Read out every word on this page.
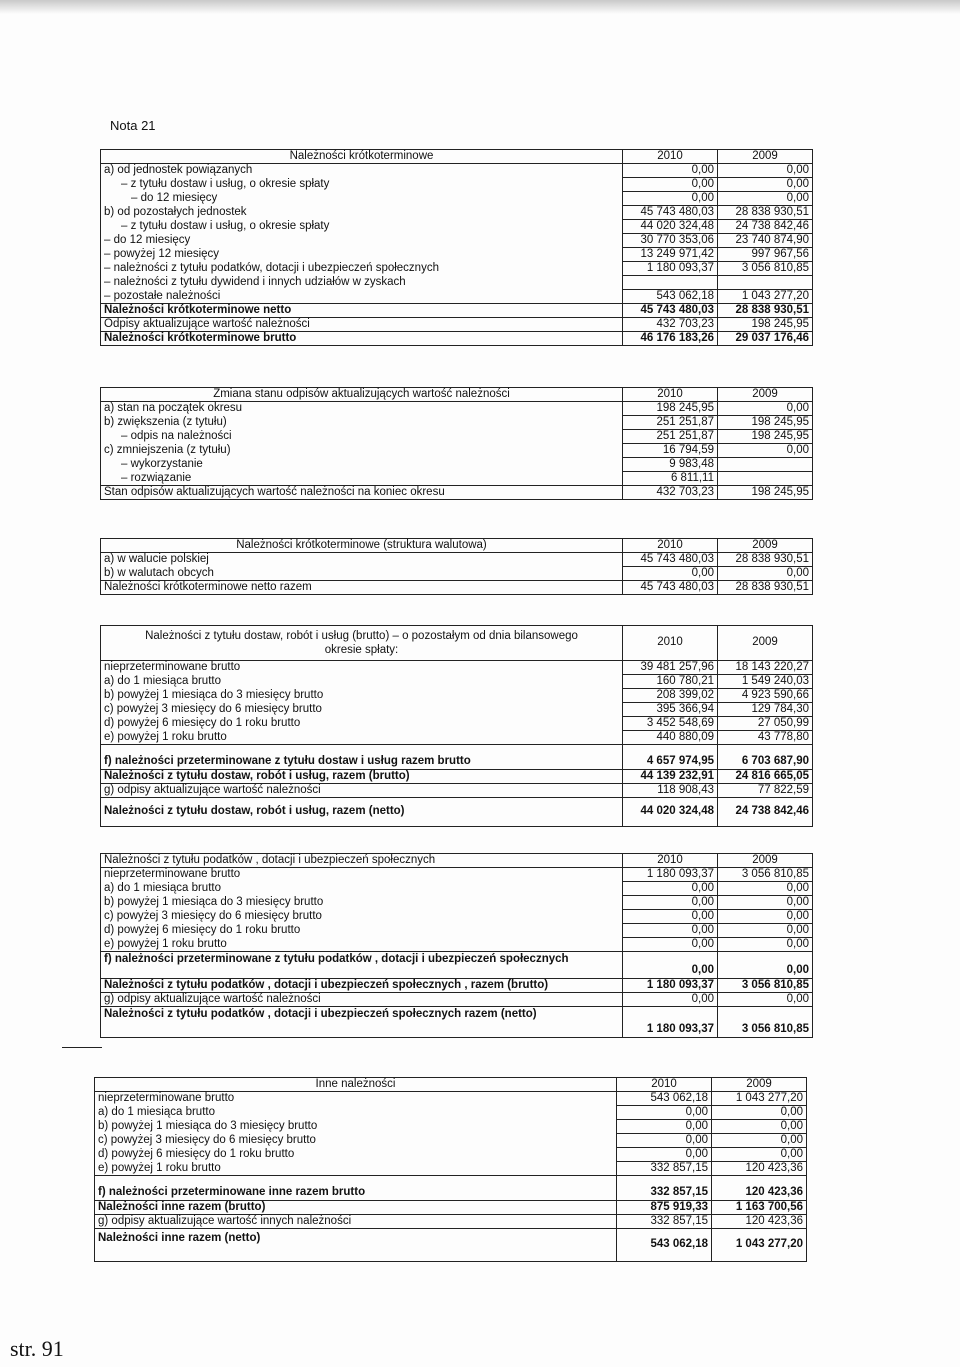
Nota 21
Należności krótkoterminowe	2010	2009
a) od jednostek powiązanych	0,00	0,00
– z tytułu dostaw i usług, o okresie spłaty	0,00	0,00
– do 12 miesięcy	0,00	0,00
b) od pozostałych jednostek	45 743 480,03	28 838 930,51
– z tytułu dostaw i usług, o okresie spłaty	44 020 324,48	24 738 842,46
– do 12 miesięcy	30 770 353,06	23 740 874,90
– powyżej 12 miesięcy	13 249 971,42	997 967,56
– należności z tytułu podatków, dotacji i ubezpieczeń społecznych	1 180 093,37	3 056 810,85
– należności z tytułu dywidend i innych udziałów w zyskach		
– pozostałe należności	543 062,18	1 043 277,20
Należności krótkoterminowe netto	45 743 480,03	28 838 930,51
Odpisy aktualizujące wartość należności	432 703,23	198 245,95
Należności krótkoterminowe brutto	46 176 183,26	29 037 176,46
Zmiana stanu odpisów aktualizujących wartość należności	2010	2009
a) stan na początek okresu	198 245,95	0,00
b) zwiększenia (z tytułu)	251 251,87	198 245,95
– odpis na należności	251 251,87	198 245,95
c) zmniejszenia (z tytułu)	16 794,59	0,00
– wykorzystanie	9 983,48	
– rozwiązanie	6 811,11	
Stan odpisów aktualizujących wartość należności na koniec okresu	432 703,23	198 245,95
Należności krótkoterminowe (struktura walutowa)	2010	2009
a) w walucie polskiej	45 743 480,03	28 838 930,51
b) w walutach obcych	0,00	0,00
Należności krótkoterminowe netto razem	45 743 480,03	28 838 930,51
Należności z tytułu dostaw, robót i usług (brutto) – o pozostałym od dnia bilansowego
okresie spłaty:	2010	2009
nieprzeterminowane brutto	39 481 257,96	18 143 220,27
a) do 1 miesiąca brutto	160 780,21	1 549 240,03
b) powyżej 1 miesiąca do 3 miesięcy brutto	208 399,02	4 923 590,66
c) powyżej 3 miesięcy do 6 miesięcy brutto	395 366,94	129 784,30
d) powyżej 6 miesięcy do 1 roku brutto	3 452 548,69	27 050,99
e) powyżej 1 roku brutto	440 880,09	43 778,80
f) należności przeterminowane z tytułu dostaw i usług razem brutto	4 657 974,95	6 703 687,90
Należności z tytułu dostaw, robót i usług, razem (brutto)	44 139 232,91	24 816 665,05
g) odpisy aktualizujące wartość należności	118 908,43	77 822,59
Należności z tytułu dostaw, robót i usług, razem (netto)	44 020 324,48	24 738 842,46
Należności z tytułu podatków , dotacji i ubezpieczeń społecznych	2010	2009
nieprzeterminowane brutto	1 180 093,37	3 056 810,85
a) do 1 miesiąca brutto	0,00	0,00
b) powyżej 1 miesiąca do 3 miesięcy brutto	0,00	0,00
c) powyżej 3 miesięcy do 6 miesięcy brutto	0,00	0,00
d) powyżej 6 miesięcy do 1 roku brutto	0,00	0,00
e) powyżej 1 roku brutto	0,00	0,00
f) należności przeterminowane z tytułu podatków , dotacji i ubezpieczeń społecznych	0,00	0,00
Należności z tytułu podatków , dotacji i ubezpieczeń społecznych , razem (brutto)	1 180 093,37	3 056 810,85
g) odpisy aktualizujące wartość należności	0,00	0,00
Należności z tytułu podatków , dotacji i ubezpieczeń społecznych razem (netto)	1 180 093,37	3 056 810,85
Inne należności	2010	2009
nieprzeterminowane brutto	543 062,18	1 043 277,20
a) do 1 miesiąca brutto	0,00	0,00
b) powyżej 1 miesiąca do 3 miesięcy brutto	0,00	0,00
c) powyżej 3 miesięcy do 6 miesięcy brutto	0,00	0,00
d) powyżej 6 miesięcy do 1 roku brutto	0,00	0,00
e) powyżej 1 roku brutto	332 857,15	120 423,36
f) należności przeterminowane inne razem brutto	332 857,15	120 423,36
Należności inne razem (brutto)	875 919,33	1 163 700,56
g) odpisy aktualizujące wartość innych należności	332 857,15	120 423,36
Należności inne razem (netto)	543 062,18	1 043 277,20
str. 91
